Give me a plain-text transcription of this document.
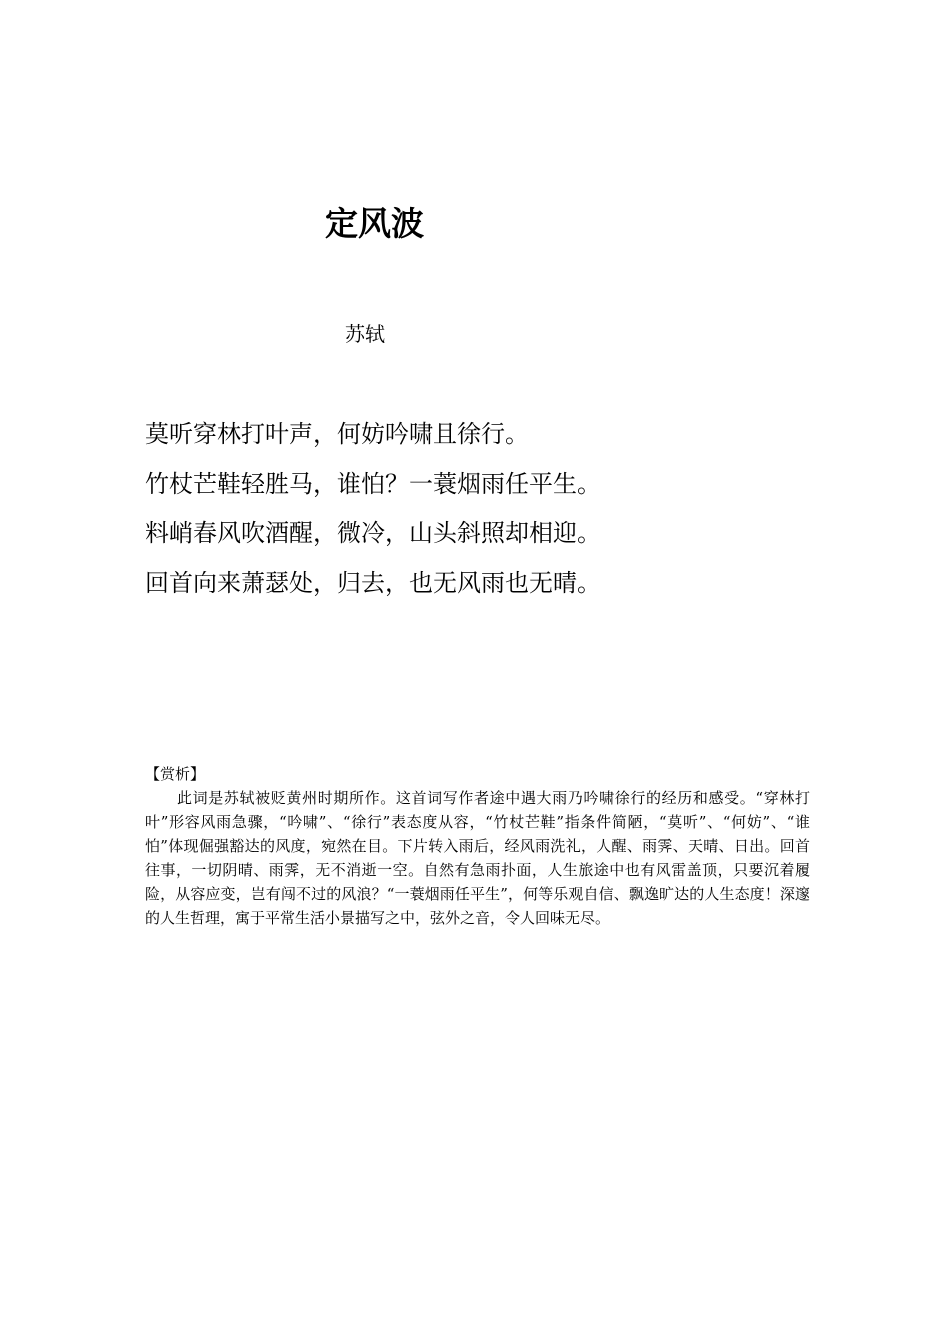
定风波
苏轼
莫听穿林打叶声，何妨吟啸且徐行。
竹杖芒鞋轻胜马，谁怕？一蓑烟雨任平生。
料峭春风吹酒醒，微冷，山头斜照却相迎。
回首向来萧瑟处，归去，也无风雨也无晴。
【赏析】

此词是苏轼被贬黄州时期所作。这首词写作者途中遇大雨乃吟啸徐行的经历和感受。“穿林打叶”形容风雨急骤，“吟啸”、“徐行”表态度从容，“竹杖芒鞋”指条件简陋，“莫听”、“何妨”、“谁怕”体现倔强豁达的风度，宛然在目。下片转入雨后，经风雨洗礼，人醒、雨霁、天晴、日出。回首往事，一切阴晴、雨霁，无不消逝一空。自然有急雨扑面，人生旅途中也有风雷盖顶，只要沉着履险，从容应变，岂有闯不过的风浪？“一蓑烟雨任平生”，何等乐观自信、飘逸旷达的人生态度！深邃的人生哲理，寓于平常生活小景描写之中，弦外之音，令人回味无尽。
